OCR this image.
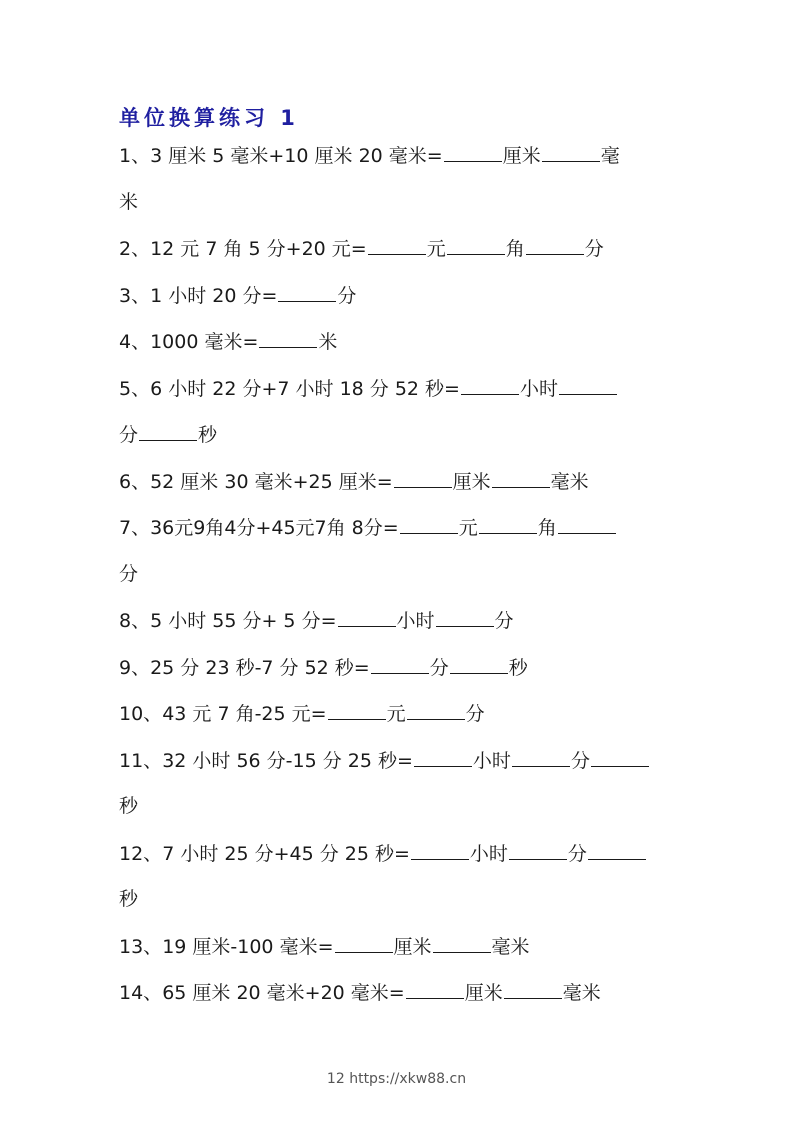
单位换算练习 1
1、3 厘米 5 毫米+10 厘米 20 毫米=	厘米	毫
米
2、12 元 7 角 5 分+20 元=	元	角	分
3、1 小时 20 分=	分
4、1000 毫米=	米
5、6 小时 22 分+7 小时 18 分 52 秒=	小时
分	秒
6、52 厘米 30 毫米+25 厘米=	厘米	毫米
7、36元9角4分+45元7角 8分=	元	角
分
8、5 小时 55 分+ 5 分=	小时	分
9、25 分 23 秒-7 分 52 秒=	分	秒
10、43 元 7 角-25 元=	元	分
11、32 小时 56 分-15 分 25 秒=	小时	分
秒
12、7 小时 25 分+45 分 25 秒=	小时	分
秒
13、19 厘米-100 毫米=	厘米	毫米
14、65 厘米 20 毫米+20 毫米=	厘米	毫米
12 https://xkw88.cn
